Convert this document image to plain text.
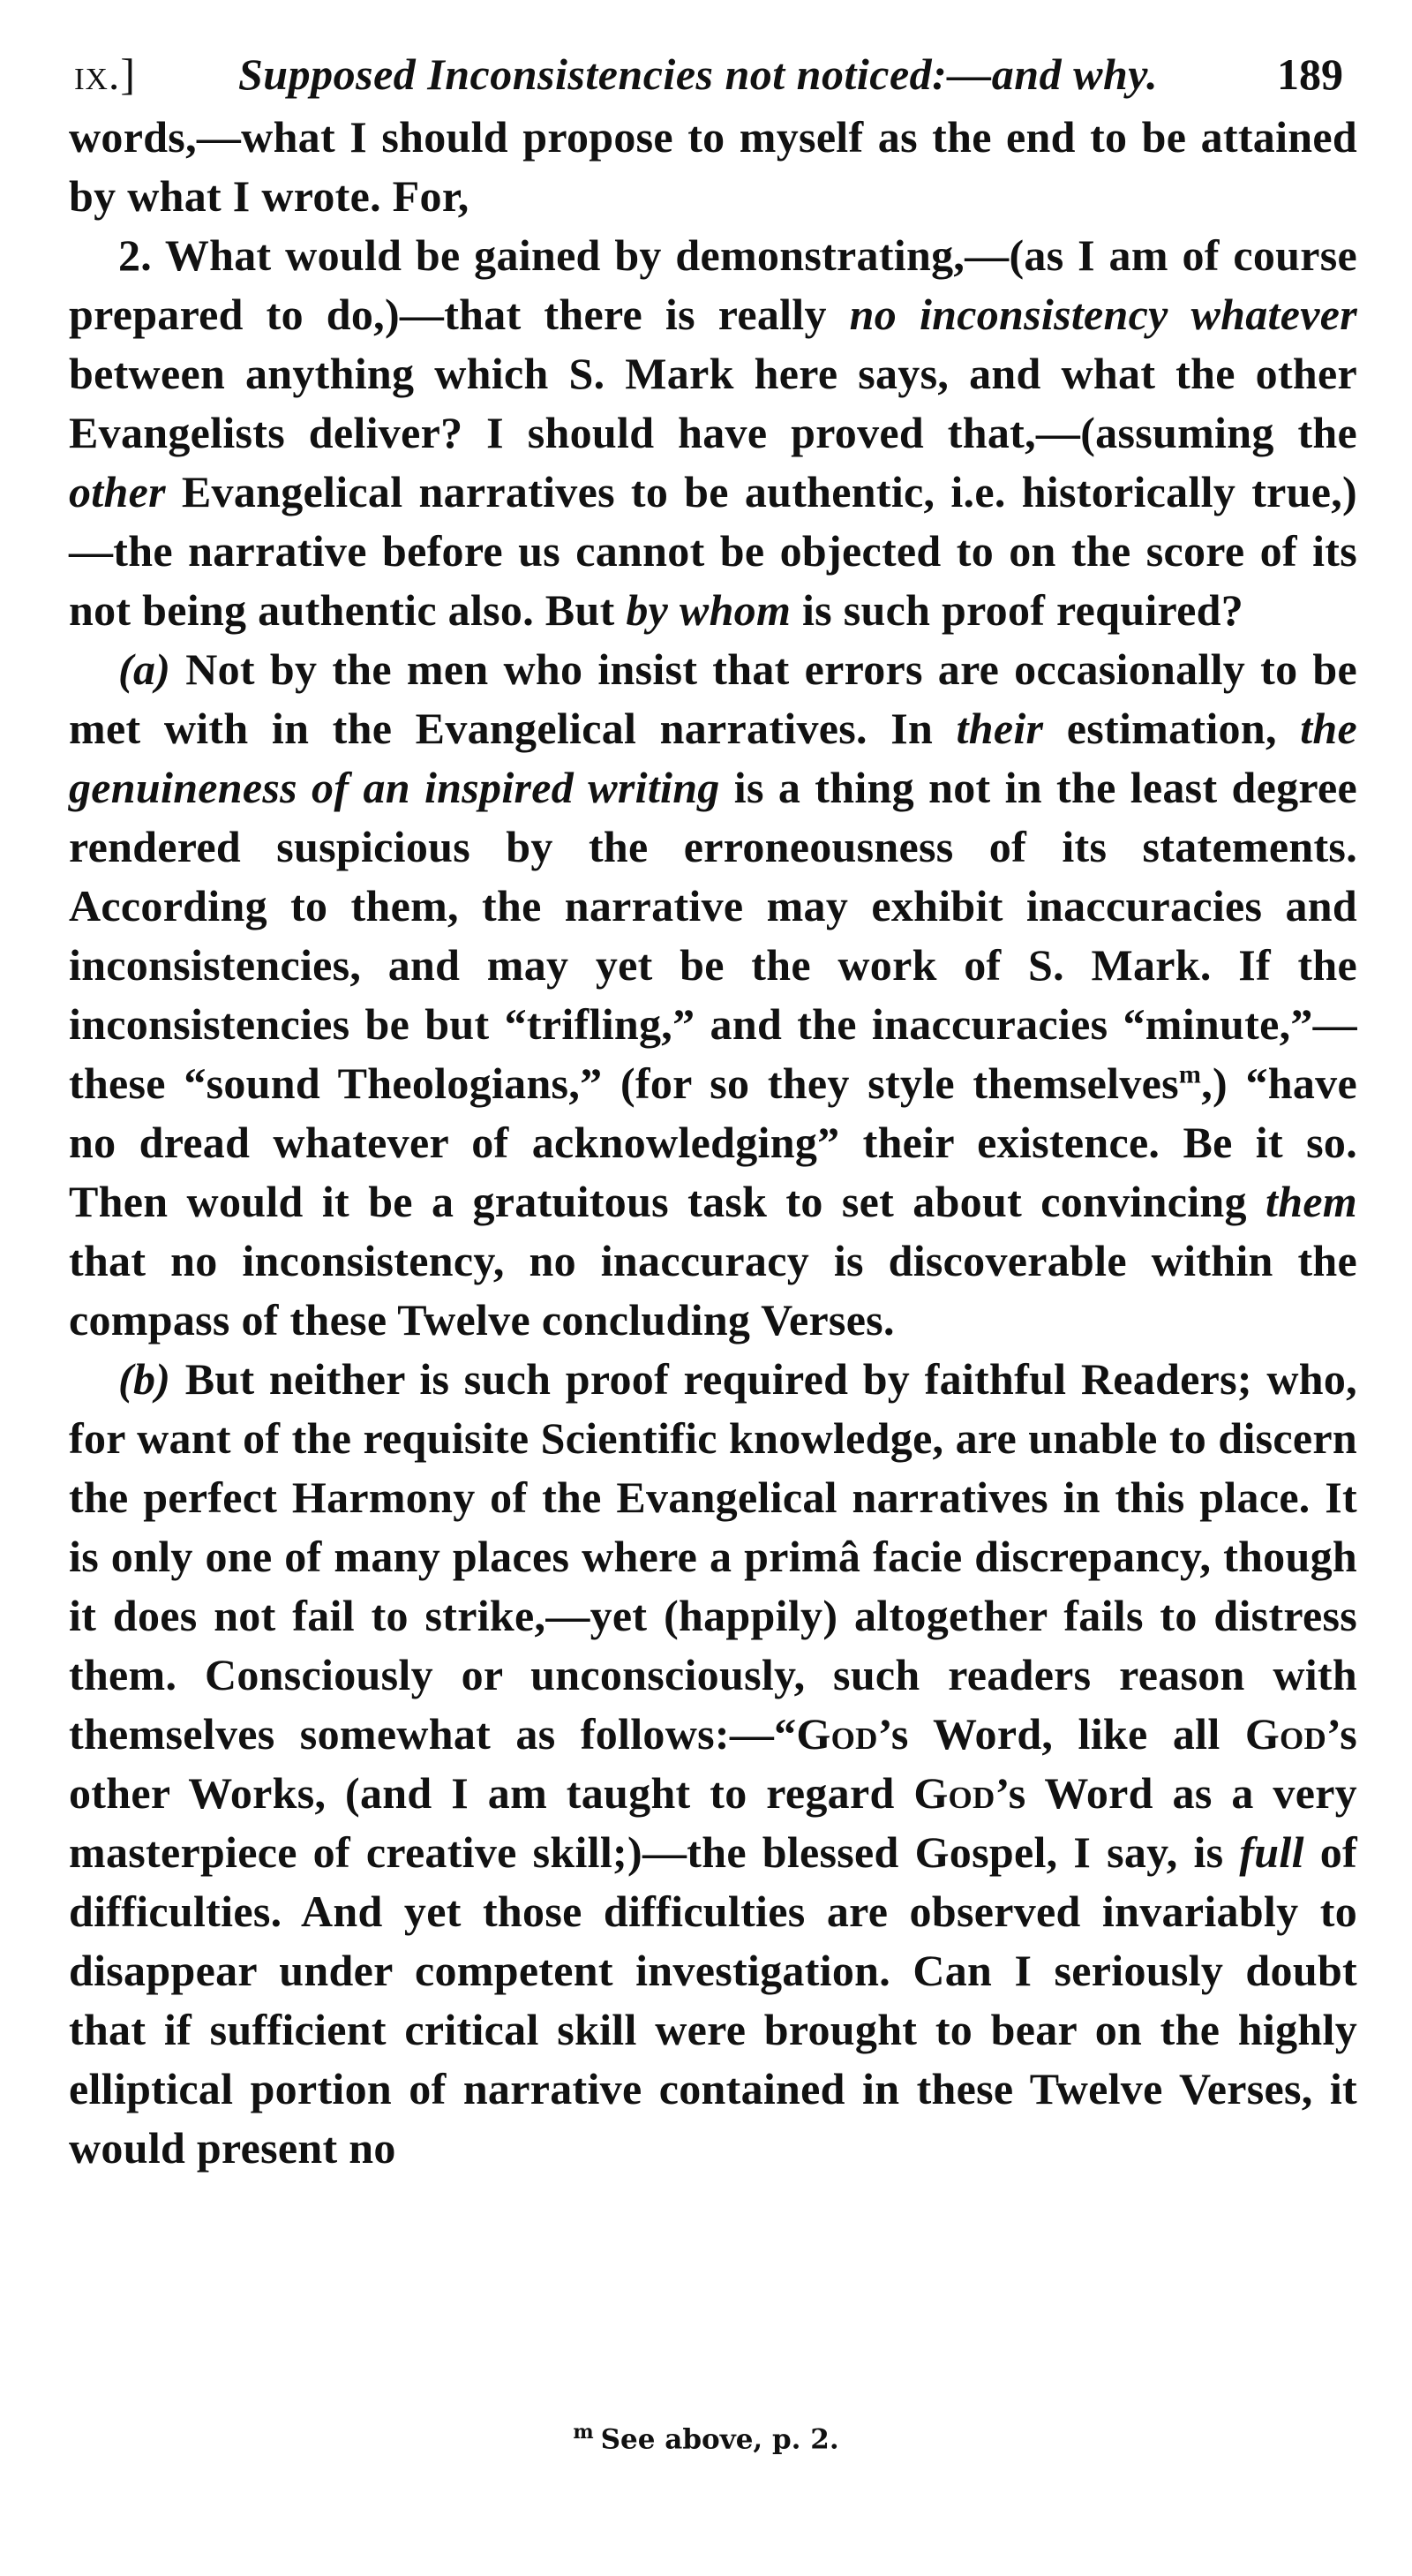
ix.] Supposed Inconsistencies not noticed:—and why.	189

words,—what I should propose to myself as the end to be attained by what I wrote. For,

2. What would be gained by demonstrating,—(as I am of course prepared to do,)—that there is really no inconsistency whatever between anything which S. Mark here says, and what the other Evangelists deliver? I should have proved that,—(assuming the other Evangelical narratives to be authentic, i.e. historically true,)—the narrative before us cannot be objected to on the score of its not being authentic also. But by whom is such proof required?

(a) Not by the men who insist that errors are occasionally to be met with in the Evangelical narratives. In their estimation, the genuineness of an inspired writing is a thing not in the least degree rendered suspicious by the erroneousness of its statements. According to them, the narrative may exhibit inaccuracies and inconsistencies, and may yet be the work of S. Mark. If the inconsistencies be but “trifling,” and the inaccuracies “minute,”—these “sound Theologians,” (for so they style themselves$^m$,) “have no dread whatever of acknowledging” their existence. Be it so. Then would it be a gratuitous task to set about convincing them that no inconsistency, no inaccuracy is discoverable within the compass of these Twelve concluding Verses.

(b) But neither is such proof required by faithful Readers; who, for want of the requisite Scientific knowledge, are unable to discern the perfect Harmony of the Evangelical narratives in this place. It is only one of many places where a primâ facie discrepancy, though it does not fail to strike,—yet (happily) altogether fails to distress them. Consciously or unconsciously, such readers reason with themselves somewhat as follows:—“God’s Word, like all God’s other Works, (and I am taught to regard God’s Word as a very masterpiece of creative skill;)—the blessed Gospel, I say, is full of difficulties. And yet those difficulties are observed invariably to disappear under competent investigation. Can I seriously doubt that if sufficient critical skill were brought to bear on the highly elliptical portion of narrative contained in these Twelve Verses, it would present no

$^m$ See above, p. 2.
